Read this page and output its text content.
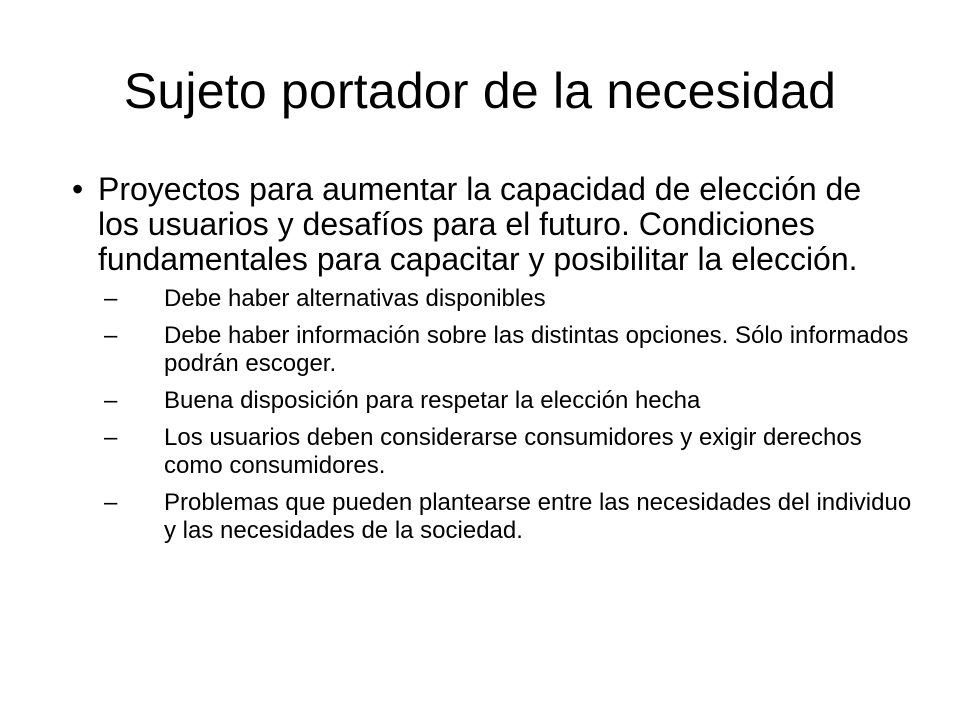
Sujeto portador de la necesidad
• Proyectos para aumentar la capacidad de elección de los usuarios y desafíos para el futuro. Condiciones fundamentales para capacitar y posibilitar la elección.
– Debe haber alternativas disponibles
– Debe haber información sobre las distintas opciones. Sólo informados podrán escoger.
– Buena disposición para respetar la elección hecha
– Los usuarios deben considerarse consumidores y exigir derechos como consumidores.
– Problemas que pueden plantearse entre las necesidades del individuo y las necesidades de la sociedad.
